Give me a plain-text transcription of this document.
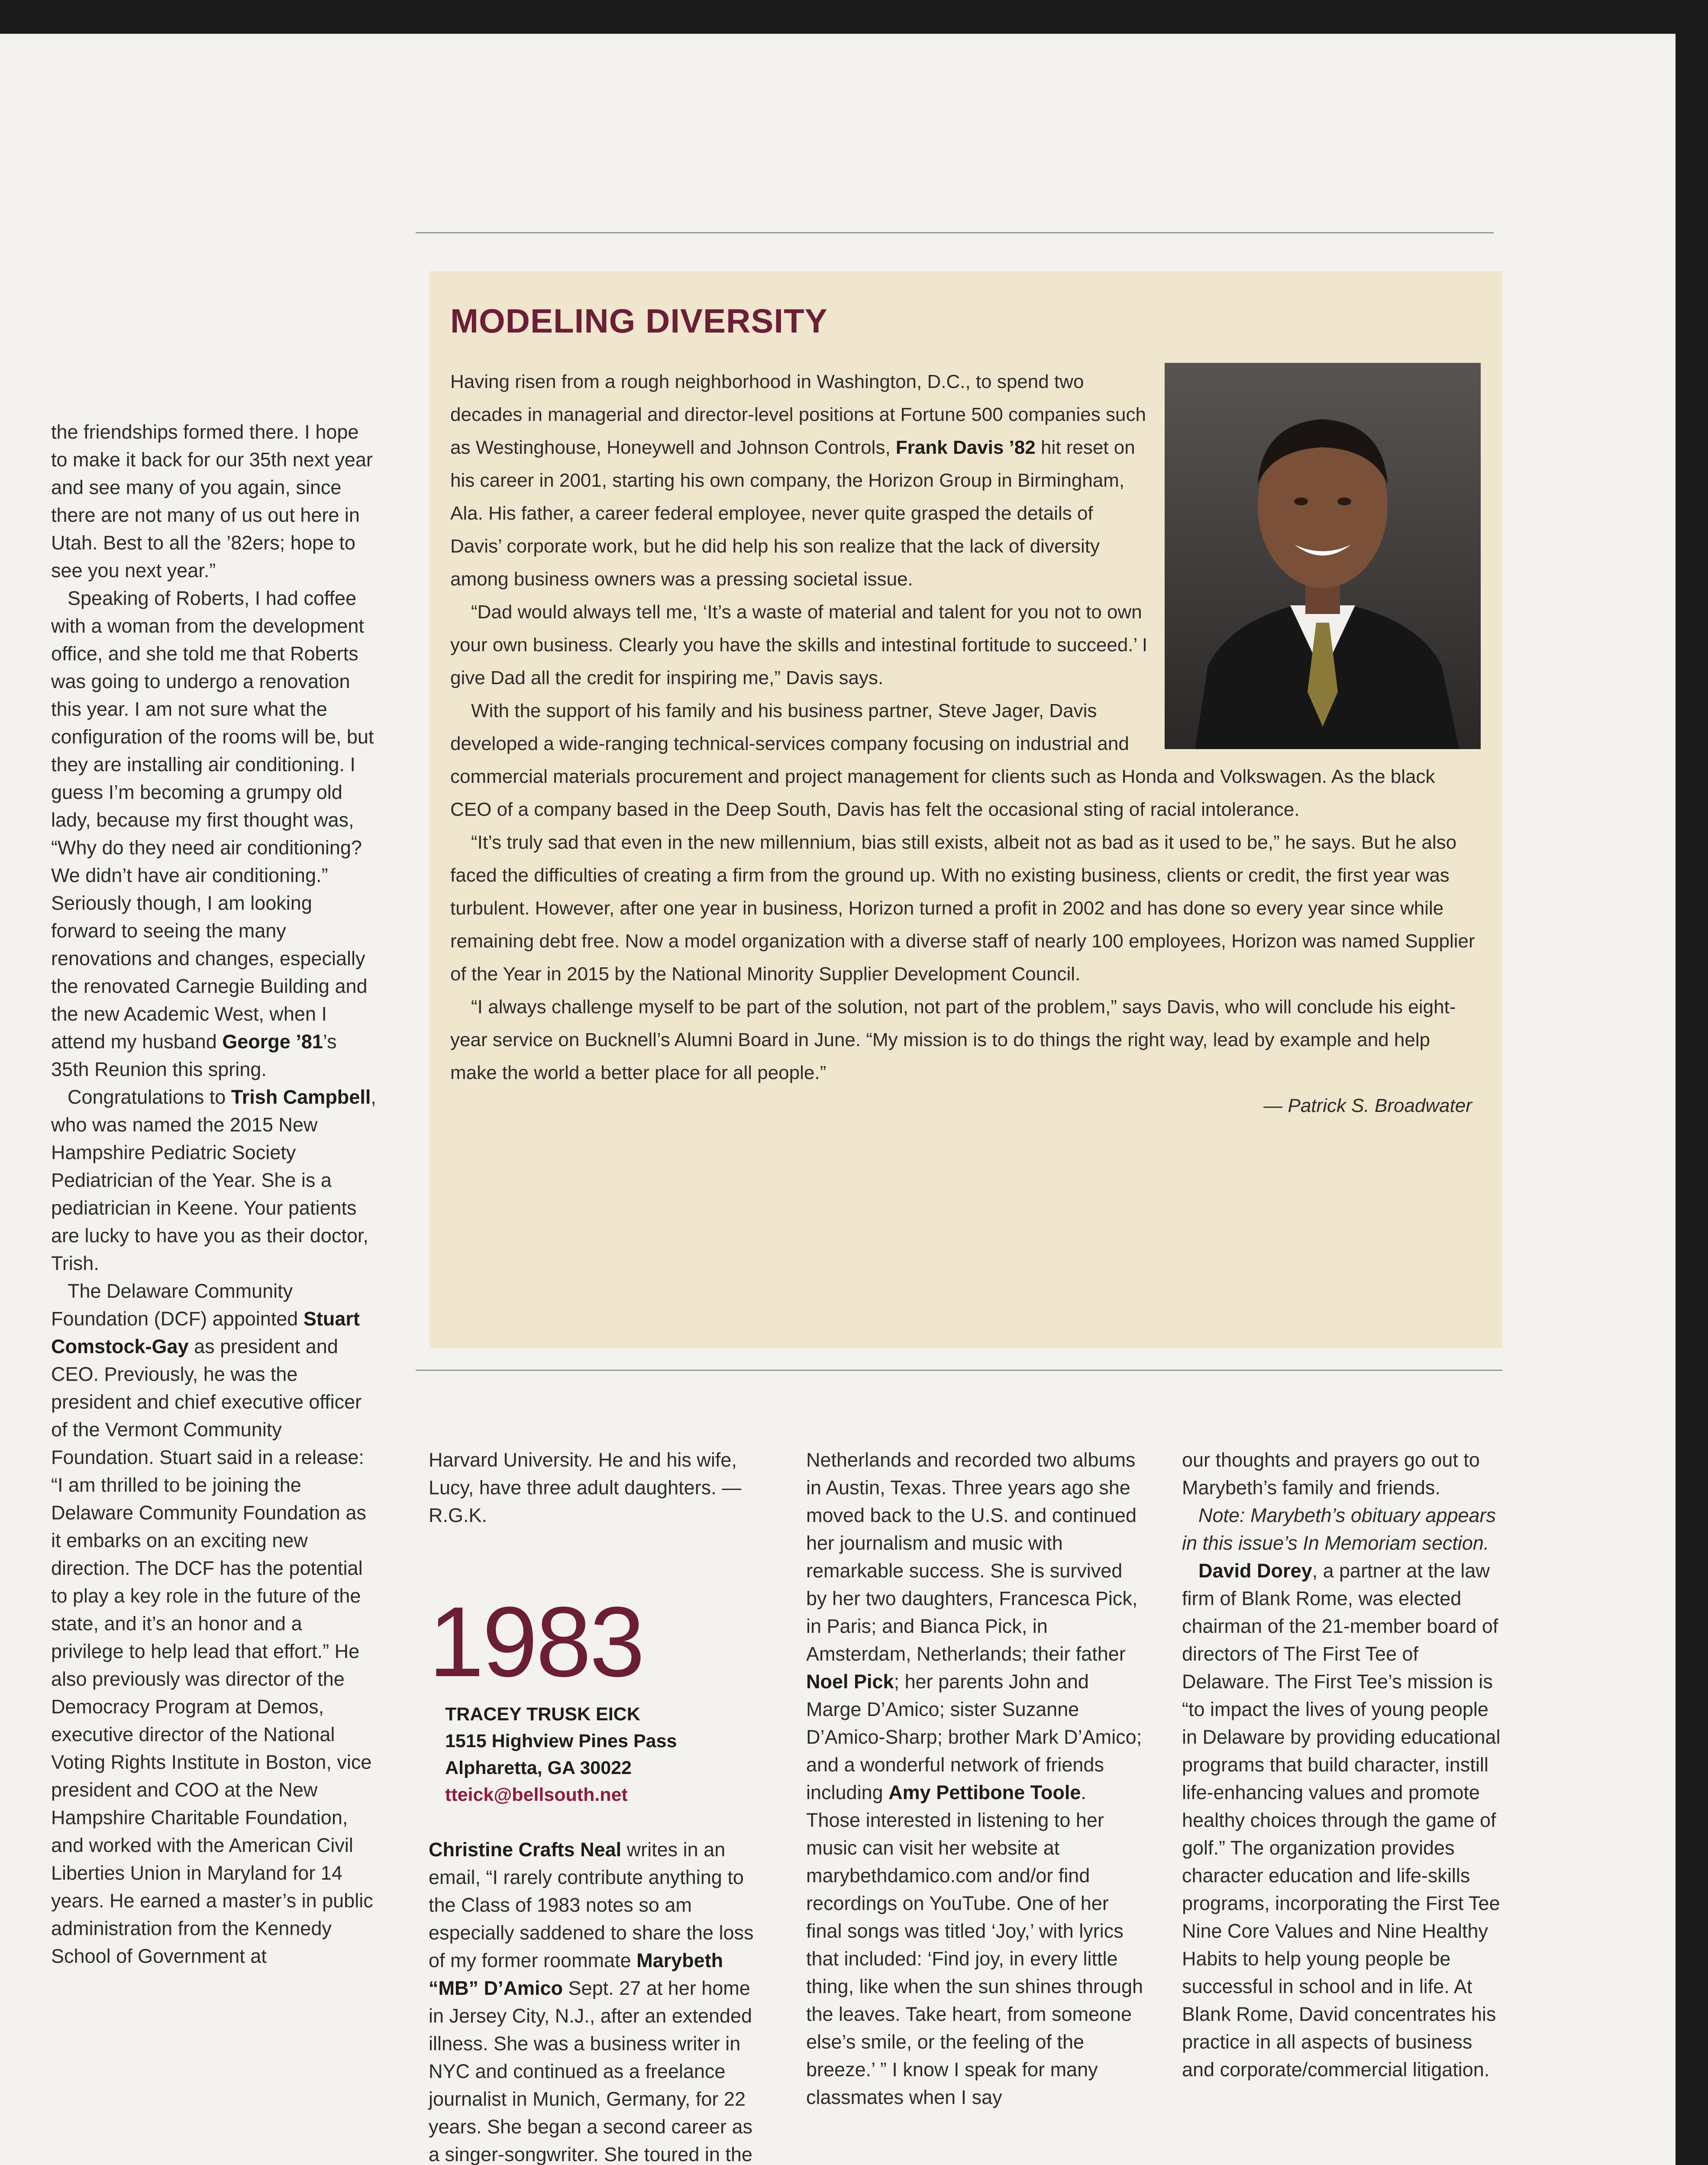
the friendships formed there. I hope to make it back for our 35th next year and see many of you again, since there are not many of us out here in Utah. Best to all the ’82ers; hope to see you next year.”

Speaking of Roberts, I had coffee with a woman from the development office, and she told me that Roberts was going to undergo a renovation this year. I am not sure what the configuration of the rooms will be, but they are installing air conditioning. I guess I’m becoming a grumpy old lady, because my first thought was, “Why do they need air conditioning? We didn’t have air conditioning.” Seriously though, I am looking forward to seeing the many renovations and changes, especially the renovated Carnegie Building and the new Academic West, when I attend my husband George ’81’s 35th Reunion this spring.

Congratulations to Trish Campbell, who was named the 2015 New Hampshire Pediatric Society Pediatrician of the Year. She is a pediatrician in Keene. Your patients are lucky to have you as their doctor, Trish.

The Delaware Community Foundation (DCF) appointed Stuart Comstock-Gay as president and CEO. Previously, he was the president and chief executive officer of the Vermont Community Foundation. Stuart said in a release: “I am thrilled to be joining the Delaware Community Foundation as it embarks on an exciting new direction. The DCF has the potential to play a key role in the future of the state, and it’s an honor and a privilege to help lead that effort.” He also previously was director of the Democracy Program at Demos, executive director of the National Voting Rights Institute in Boston, vice president and COO at the New Hampshire Charitable Foundation, and worked with the American Civil Liberties Union in Maryland for 14 years. He earned a master’s in public administration from the Kennedy School of Government at

MODELING DIVERSITY

Having risen from a rough neighborhood in Washington, D.C., to spend two decades in managerial and director-level positions at Fortune 500 companies such as Westinghouse, Honeywell and Johnson Controls, Frank Davis ’82 hit reset on his career in 2001, starting his own company, the Horizon Group in Birmingham, Ala. His father, a career federal employee, never quite grasped the details of Davis’ corporate work, but he did help his son realize that the lack of diversity among business owners was a pressing societal issue.

“Dad would always tell me, ‘It’s a waste of material and talent for you not to own your own business. Clearly you have the skills and intestinal fortitude to succeed.’ I give Dad all the credit for inspiring me,” Davis says.

With the support of his family and his business partner, Steve Jager, Davis developed a wide-ranging technical-services company focusing on industrial and commercial materials procurement and project management for clients such as Honda and Volkswagen. As the black CEO of a company based in the Deep South, Davis has felt the occasional sting of racial intolerance.

“It’s truly sad that even in the new millennium, bias still exists, albeit not as bad as it used to be,” he says. But he also faced the difficulties of creating a firm from the ground up. With no existing business, clients or credit, the first year was turbulent. However, after one year in business, Horizon turned a profit in 2002 and has done so every year since while remaining debt free. Now a model organization with a diverse staff of nearly 100 employees, Horizon was named Supplier of the Year in 2015 by the National Minority Supplier Development Council.

“I always challenge myself to be part of the solution, not part of the problem,” says Davis, who will conclude his eight-year service on Bucknell’s Alumni Board in June. “My mission is to do things the right way, lead by example and help make the world a better place for all people.”

— Patrick S. Broadwater

Harvard University. He and his wife, Lucy, have three adult daughters. — R.G.K.

1983

TRACEY TRUSK EICK

1515 Highview Pines Pass

Alpharetta, GA 30022

tteick@bellsouth.net

Christine Crafts Neal writes in an email, “I rarely contribute anything to the Class of 1983 notes so am especially saddened to share the loss of my former roommate Marybeth “MB” D’Amico Sept. 27 at her home in Jersey City, N.J., after an extended illness. She was a business writer in NYC and continued as a freelance journalist in Munich, Germany, for 22 years. She began a second career as a singer-songwriter. She toured in the

Netherlands and recorded two albums in Austin, Texas. Three years ago she moved back to the U.S. and continued her journalism and music with remarkable success. She is survived by her two daughters, Francesca Pick, in Paris; and Bianca Pick, in Amsterdam, Netherlands; their father Noel Pick; her parents John and Marge D’Amico; sister Suzanne D’Amico-Sharp; brother Mark D’Amico; and a wonderful network of friends including Amy Pettibone Toole. Those interested in listening to her music can visit her website at marybethdamico.com and/or find recordings on YouTube. One of her final songs was titled ‘Joy,’ with lyrics that included: ‘Find joy, in every little thing, like when the sun shines through the leaves. Take heart, from someone else’s smile, or the feeling of the breeze.’ ” I know I speak for many classmates when I say

our thoughts and prayers go out to Marybeth’s family and friends.

Note: Marybeth’s obituary appears in this issue’s In Memoriam section.

David Dorey, a partner at the law firm of Blank Rome, was elected chairman of the 21-member board of directors of The First Tee of Delaware. The First Tee’s mission is “to impact the lives of young people in Delaware by providing educational programs that build character, instill life-enhancing values and promote healthy choices through the game of golf.” The organization provides character education and life-skills programs, incorporating the First Tee Nine Core Values and Nine Healthy Habits to help young people be successful in school and in life. At Blank Rome, David concentrates his practice in all aspects of business and corporate/commercial litigation.
